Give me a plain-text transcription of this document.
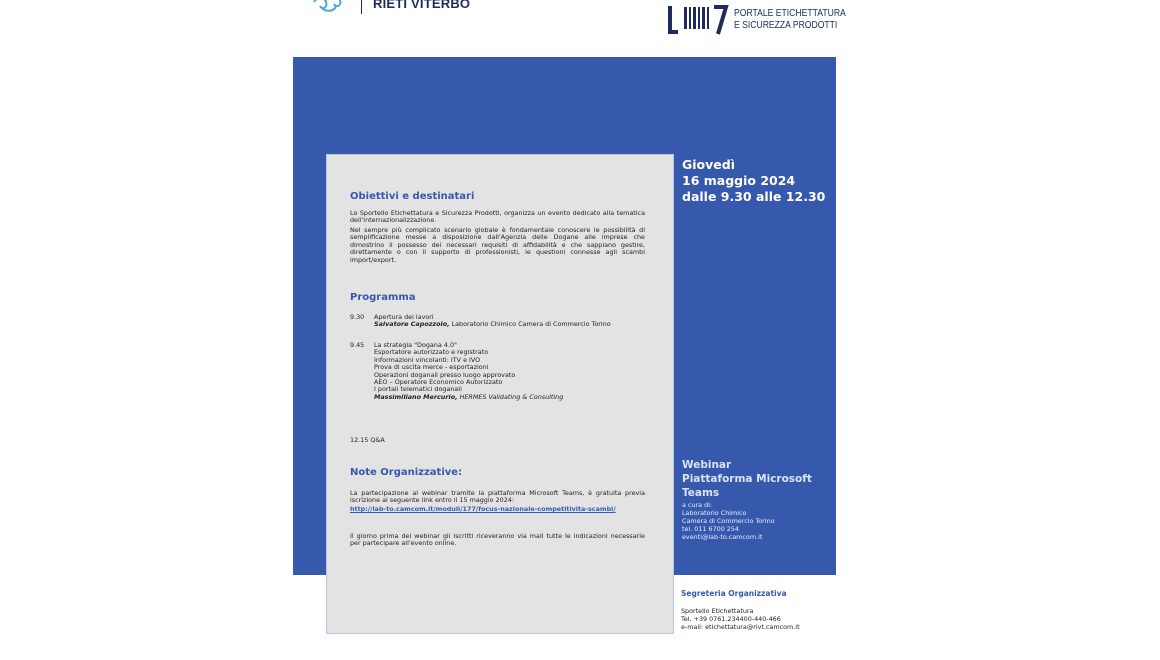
RIETI VITERBO
PORTALE ETICHETTATURA
E SICUREZZA PRODOTTI
Giovedì
16 maggio 2024
dalle 9.30 alle 12.30
Webinar
Piattaforma Microsoft
Teams
a cura di:
Laboratorio Chimico
Camera di Commercio Torino
tel. 011 6700 254
eventi@lab-to.camcom.it
Obiettivi e destinatari

Lo Sportello Etichettatura e Sicurezza Prodotti, organizza un evento dedicato alla tematica dell'internazionalizzazione.

Nel sempre più complicato scenario globale è fondamentale conoscere le possibilità di semplificazione messe a disposizione dall'Agenzia delle Dogane alle imprese che dimostrino il possesso dei necessari requisiti di affidabilità e che sappiano gestire, direttamente o con il supporto di professionisti, le questioni connesse agli scambi import/export.

Programma
9.30 Apertura dei lavori
Salvatore Capozzolo, Laboratorio Chimico Camera di Commercio Torino
9.45 La strategia "Dogana 4.0"
Esportatore autorizzato e registrato
Informazioni vincolanti: ITV e IVO
Prova di uscita merce - esportazioni
Operazioni doganali presso luogo approvato
AEO – Operatore Economico Autorizzato
I portali telematici doganali
Massimiliano Mercurio, HERMES Validating & Consulting
12.15 Q&A
Note Organizzative:

La partecipazione al webinar tramite la piattaforma Microsoft Teams, è gratuita previa iscrizione al seguente link entro il 15 maggio 2024:

http://lab-to.camcom.it/moduli/177/focus-nazionale-competitivita-scambi/

Il giorno prima del webinar gli iscritti riceveranno via mail tutte le indicazioni necessarie per partecipare all'evento online.

Segreteria Organizzativa
Sportello Etichettatura
Tel. +39 0761.234400-440-466
e-mail: etichettatura@rivt.camcom.it
